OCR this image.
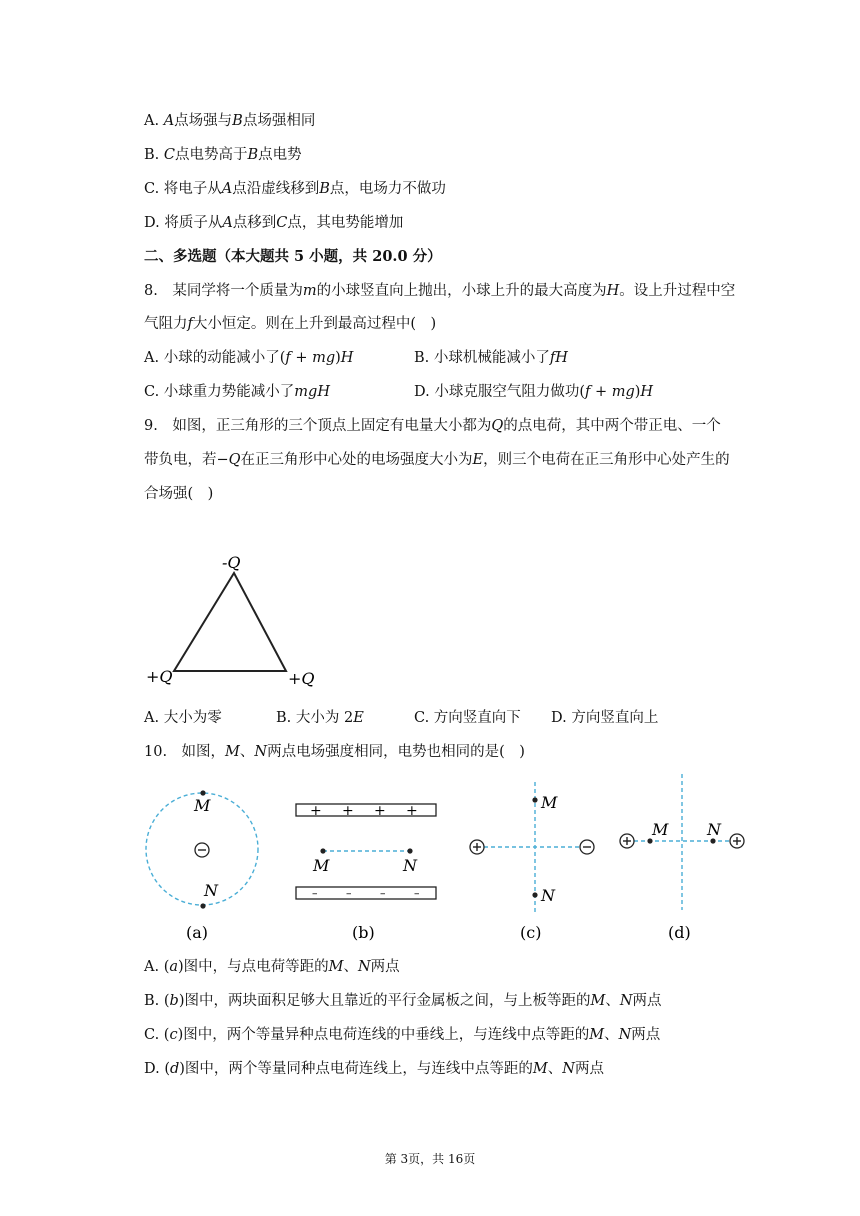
A. 𝐴点场强与𝐵点场强相同
B. 𝐶点电势高于𝐵点电势
C. 将电子从𝐴点沿虚线移到𝐵点，电场力不做功
D. 将质子从𝐴点移到𝐶点，其电势能增加
二、多选题（本大题共 5 小题，共 20.0 分）
8.　某同学将一个质量为𝑚的小球竖直向上抛出，小球上升的最大高度为𝐻。设上升过程中空
气阻力𝑓大小恒定。则在上升到最高过程中(　)
A. 小球的动能减小了(𝑓 + 𝑚𝑔)𝐻	B. 小球机械能减小了𝑓𝐻
C. 小球重力势能减小了𝑚𝑔𝐻	D. 小球克服空气阻力做功(𝑓 + 𝑚𝑔)𝐻
9.　如图，正三角形的三个顶点上固定有电量大小都为𝑄的点电荷，其中两个带正电、一个
带负电，若−𝑄在正三角形中心处的电场强度大小为𝐸，则三个电荷在正三角形中心处产生的
合场强(　)
-Q
+Q	+Q
A. 大小为零	B. 大小为 2𝐸	C. 方向竖直向下 D. 方向竖直向上
10.　如图，𝑀、𝑁两点电场强度相同，电势也相同的是(　)
M
N
(a)
+ + + +
–	–	–	–
M	N
(b)
M
N
(c)
M N
(d)
A. (𝑎)图中，与点电荷等距的𝑀、𝑁两点
B. (𝑏)图中，两块面积足够大且靠近的平行金属板之间，与上板等距的𝑀、𝑁两点
C. (𝑐)图中，两个等量异种点电荷连线的中垂线上，与连线中点等距的𝑀、𝑁两点
D. (𝑑)图中，两个等量同种点电荷连线上，与连线中点等距的𝑀、𝑁两点
第 3页，共 16页
